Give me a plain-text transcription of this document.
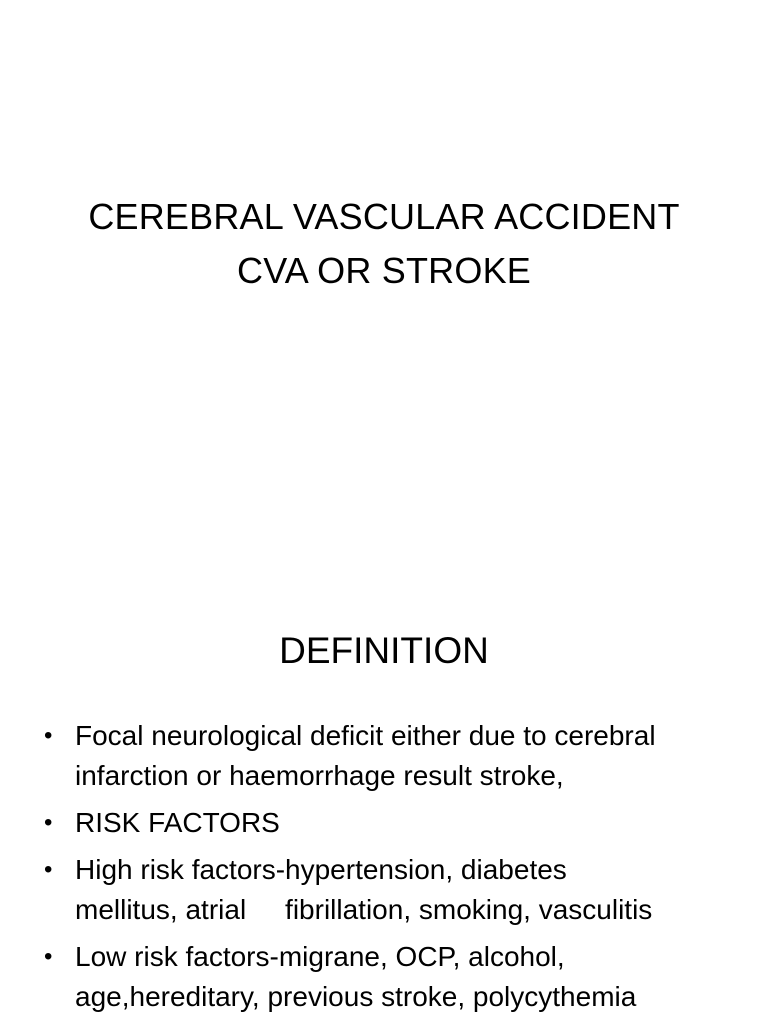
CEREBRAL VASCULAR ACCIDENT
CVA OR STROKE
DEFINITION
• Focal neurological deficit either due to cerebral
infarction or haemorrhage result stroke,
• RISK FACTORS
• High risk factors-hypertension, diabetes
mellitus, atrial     fibrillation, smoking, vasculitis
• Low risk factors-migrane, OCP, alcohol,
age,hereditary, previous stroke, polycythemia
